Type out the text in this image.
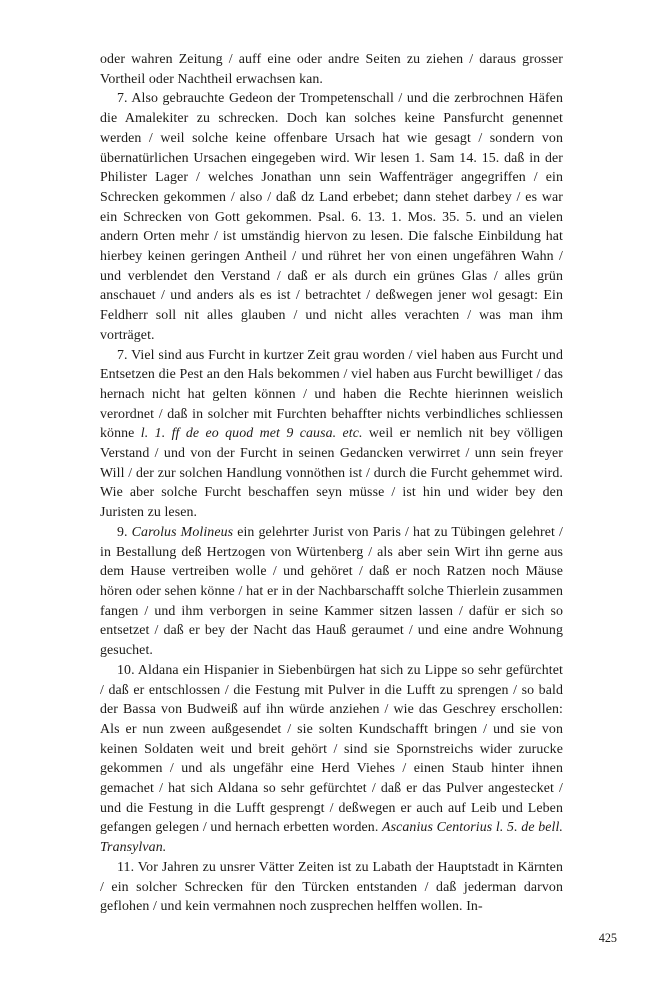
oder wahren Zeitung / auff eine oder andre Seiten zu ziehen / daraus grosser Vortheil oder Nachtheil erwachsen kan.

7. Also gebrauchte Gedeon der Trompetenschall / und die zerbrochnen Häfen die Amalekiter zu schrecken. Doch kan solches keine Pansfurcht genennet werden / weil solche keine offenbare Ursach hat wie gesagt / sondern von übernatürlichen Ursachen eingegeben wird. Wir lesen 1. Sam 14. 15. daß in der Philister Lager / welches Jonathan unn sein Waffenträger angegriffen / ein Schrecken gekommen / also / daß dz Land erbebet; dann stehet darbey / es war ein Schrecken von Gott gekommen. Psal. 6. 13. 1. Mos. 35. 5. und an vielen andern Orten mehr / ist umständig hiervon zu lesen. Die falsche Einbildung hat hierbey keinen geringen Antheil / und rühret her von einen ungefähren Wahn / und verblendet den Verstand / daß er als durch ein grünes Glas / alles grün anschauet / und anders als es ist / betrachtet / deßwegen jener wol gesagt: Ein Feldherr soll nit alles glauben / und nicht alles verachten / was man ihm vorträget.

7. Viel sind aus Furcht in kurtzer Zeit grau worden / viel haben aus Furcht und Entsetzen die Pest an den Hals bekommen / viel haben aus Furcht bewilliget / das hernach nicht hat gelten können / und haben die Rechte hierinnen weislich verordnet / daß in solcher mit Furchten behaffter nichts verbindliches schliessen könne l. 1. ff de eo quod met 9 causa. etc. weil er nemlich nit bey völligen Verstand / und von der Furcht in seinen Gedancken verwirret / unn sein freyer Will / der zur solchen Handlung vonnöthen ist / durch die Furcht gehemmet wird. Wie aber solche Furcht beschaffen seyn müsse / ist hin und wider bey den Juristen zu lesen.

9. Carolus Molineus ein gelehrter Jurist von Paris / hat zu Tübingen gelehret / in Bestallung deß Hertzogen von Würtenberg / als aber sein Wirt ihn gerne aus dem Hause vertreiben wolle / und gehöret / daß er noch Ratzen noch Mäuse hören oder sehen könne / hat er in der Nachbarschafft solche Thierlein zusammen fangen / und ihm verborgen in seine Kammer sitzen lassen / dafür er sich so entsetzet / daß er bey der Nacht das Hauß geraumet / und eine andre Wohnung gesuchet.

10. Aldana ein Hispanier in Siebenbürgen hat sich zu Lippe so sehr gefürchtet / daß er entschlossen / die Festung mit Pulver in die Lufft zu sprengen / so bald der Bassa von Budweiß auf ihn würde anziehen / wie das Geschrey erschollen: Als er nun zween außgesendet / sie solten Kundschafft bringen / und sie von keinen Soldaten weit und breit gehört / sind sie Spornstreichs wider zurucke gekommen / und als ungefähr eine Herd Viehes / einen Staub hinter ihnen gemachet / hat sich Aldana so sehr gefürchtet / daß er das Pulver angestecket / und die Festung in die Lufft gesprengt / deßwegen er auch auf Leib und Leben gefangen gelegen / und hernach erbetten worden. Ascanius Centorius l. 5. de bell. Transylvan.

11. Vor Jahren zu unsrer Vätter Zeiten ist zu Labath der Hauptstadt in Kärnten / ein solcher Schrecken für den Türcken entstanden / daß jederman darvon geflohen / und kein vermahnen noch zusprechen helffen wollen. In-

425
